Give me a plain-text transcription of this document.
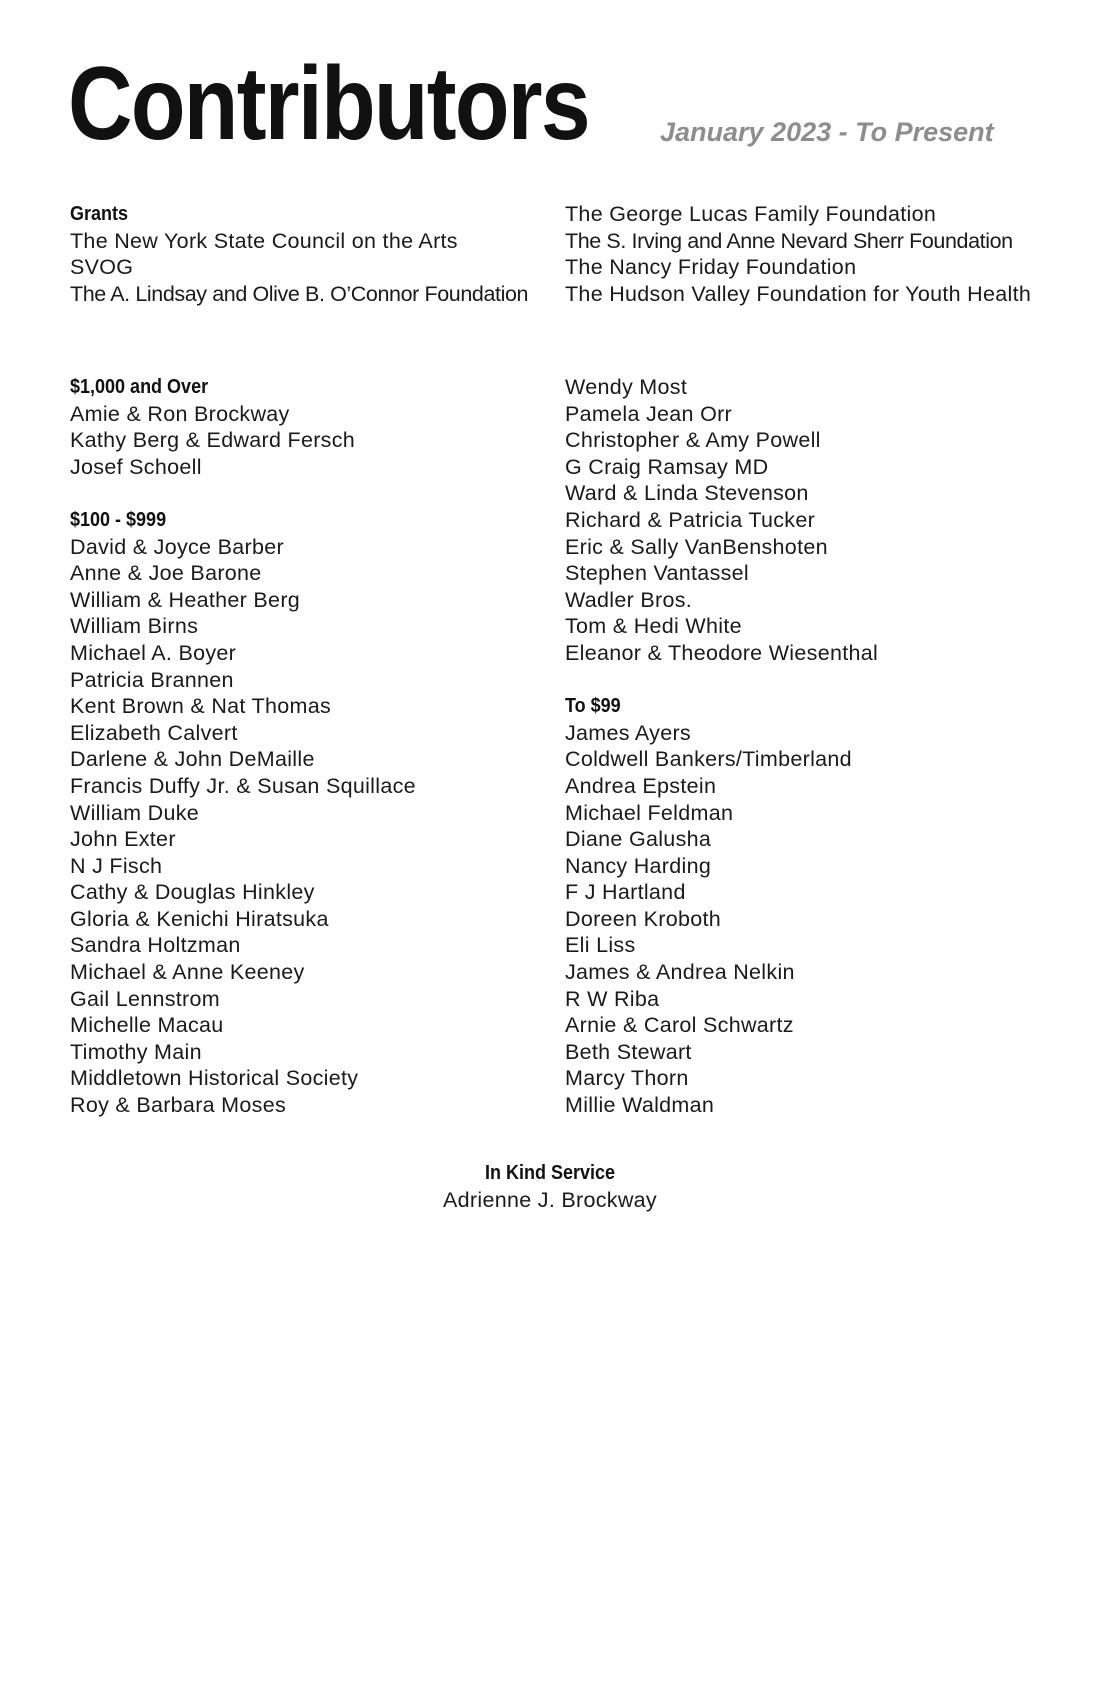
Contributors	January 2023 - To Present
Grants
The New York State Council on the Arts
SVOG
The A. Lindsay and Olive B. O’Connor Foundation
The George Lucas Family Foundation
The S. Irving and Anne Nevard Sherr Foundation
The Nancy Friday Foundation
The Hudson Valley Foundation for Youth Health
$1,000 and Over
Amie & Ron Brockway
Kathy Berg & Edward Fersch
Josef Schoell
$100 - $999
David & Joyce Barber
Anne & Joe Barone
William & Heather Berg
William Birns
Michael A. Boyer
Patricia Brannen
Kent Brown & Nat Thomas
Elizabeth Calvert
Darlene & John DeMaille
Francis Duffy Jr. & Susan Squillace
William Duke
John Exter
N J Fisch
Cathy & Douglas Hinkley
Gloria & Kenichi Hiratsuka
Sandra Holtzman
Michael & Anne Keeney
Gail Lennstrom
Michelle Macau
Timothy Main
Middletown Historical Society
Roy & Barbara Moses
Wendy Most
Pamela Jean Orr
Christopher & Amy Powell
G Craig Ramsay MD
Ward & Linda Stevenson
Richard & Patricia Tucker
Eric & Sally VanBenshoten
Stephen Vantassel
Wadler Bros.
Tom & Hedi White
Eleanor & Theodore Wiesenthal
To $99
James Ayers
Coldwell Bankers/Timberland
Andrea Epstein
Michael Feldman
Diane Galusha
Nancy Harding
F J Hartland
Doreen Kroboth
Eli Liss
James & Andrea Nelkin
R W Riba
Arnie & Carol Schwartz
Beth Stewart
Marcy Thorn
Millie Waldman
In Kind Service
Adrienne J. Brockway
